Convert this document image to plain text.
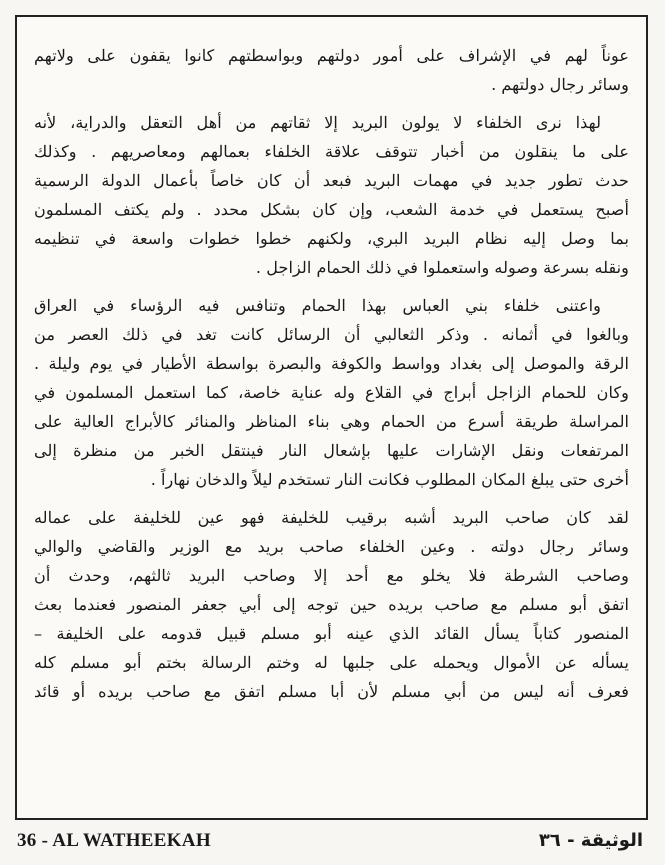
عوناً لهم في الإشراف على أمور دولتهم وبواسطتهم كانوا يقفون على ولاتهم
وسائر رجال دولتهم .

لهذا نرى الخلفاء لا يولون البريد إلا ثقاتهم من أهل التعقل والدراية، لأنه
على ما ينقلون من أخبار تتوقف علاقة الخلفاء بعمالهم ومعاصريهم . وكذلك
حدث تطور جديد في مهمات البريد فبعد أن كان خاصاً بأعمال الدولة الرسمية
أصبح يستعمل في خدمة الشعب، وإن كان بشكل محدد . ولم يكتف المسلمون
بما وصل إليه نظام البريد البري، ولكنهم خطوا خطوات واسعة في تنظيمه
ونقله بسرعة وصوله واستعملوا في ذلك الحمام الزاجل .

واعتنى خلفاء بني العباس بهذا الحمام وتنافس فيه الرؤساء في العراق
وبالغوا في أثمانه . وذكر الثعالبي أن الرسائل كانت تغد في ذلك العصر من
الرقة والموصل إلى بغداد وواسط والكوفة والبصرة بواسطة الأطيار في يوم وليلة .
وكان للحمام الزاجل أبراج في القلاع وله عناية خاصة، كما استعمل المسلمون في
المراسلة طريقة أسرع من الحمام وهي بناء المناظر والمنائر كالأبراج العالية على
المرتفعات ونقل الإشارات عليها بإشعال النار فينتقل الخبر من منظرة إلى
أخرى حتى يبلغ المكان المطلوب فكانت النار تستخدم ليلاً والدخان نهاراً .

لقد كان صاحب البريد أشبه برقيب للخليفة فهو عين للخليفة على عماله
وسائر رجال دولته . وعين الخلفاء صاحب بريد مع الوزير والقاضي والوالي
وصاحب الشرطة فلا يخلو مع أحد إلا وصاحب البريد ثالثهم، وحدث أن
اتفق أبو مسلم مع صاحب بريده حين توجه إلى أبي جعفر المنصور فعندما بعث
المنصور كتاباً يسأل القائد الذي عينه أبو مسلم قبيل قدومه على الخليفة –
يسأله عن الأموال ويحمله على جلبها له وختم الرسالة بختم أبو مسلم كله
فعرف أنه ليس من أبي مسلم لأن أبا مسلم اتفق مع صاحب بريده أو قائد

36 - AL WATHEEKAH	الوثيقة - ٣٦
